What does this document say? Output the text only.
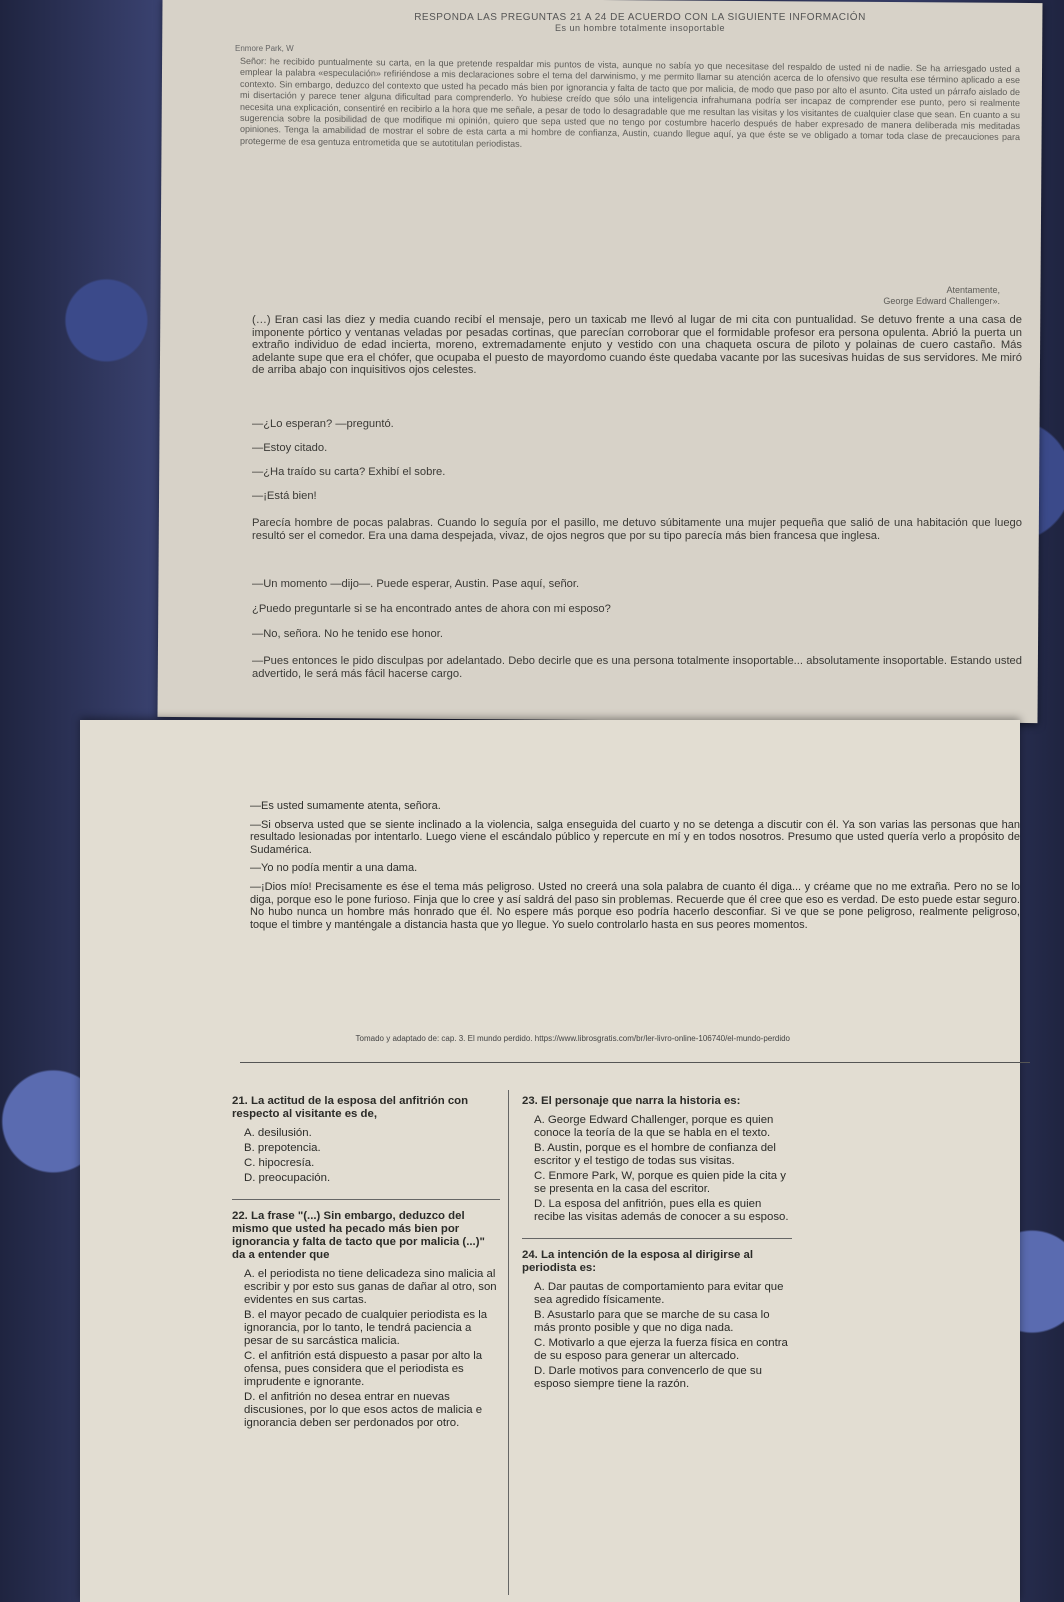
RESPONDA LAS PREGUNTAS 21 A 24 DE ACUERDO CON LA SIGUIENTE INFORMACIÓN
Es un hombre totalmente insoportable
Enmore Park, W
Señor: he recibido puntualmente su carta, en la que pretende respaldar mis puntos de vista, aunque no sabía yo que necesitase del respaldo de usted ni de nadie. Se ha arriesgado usted a emplear la palabra «especulación» refiriéndose a mis declaraciones sobre el tema del darwinismo, y me permito llamar su atención acerca de lo ofensivo que resulta ese término aplicado a ese contexto. Sin embargo, deduzco del contexto que usted ha pecado más bien por ignorancia y falta de tacto que por malicia, de modo que paso por alto el asunto. Cita usted un párrafo aislado de mi disertación y parece tener alguna dificultad para comprenderlo. Yo hubiese creído que sólo una inteligencia infrahumana podría ser incapaz de comprender ese punto, pero si realmente necesita una explicación, consentiré en recibirlo a la hora que me señale, a pesar de todo lo desagradable que me resultan las visitas y los visitantes de cualquier clase que sean. En cuanto a su sugerencia sobre la posibilidad de que modifique mi opinión, quiero que sepa usted que no tengo por costumbre hacerlo después de haber expresado de manera deliberada mis meditadas opiniones. Tenga la amabilidad de mostrar el sobre de esta carta a mi hombre de confianza, Austin, cuando llegue aquí, ya que éste se ve obligado a tomar toda clase de precauciones para protegerme de esa gentuza entrometida que se autotitulan periodistas.
Atentamente,
George Edward Challenger».
(…) Eran casi las diez y media cuando recibí el mensaje, pero un taxicab me llevó al lugar de mi cita con puntualidad. Se detuvo frente a una casa de imponente pórtico y ventanas veladas por pesadas cortinas, que parecían corroborar que el formidable profesor era persona opulenta. Abrió la puerta un extraño individuo de edad incierta, moreno, extremadamente enjuto y vestido con una chaqueta oscura de piloto y polainas de cuero castaño. Más adelante supe que era el chófer, que ocupaba el puesto de mayordomo cuando éste quedaba vacante por las sucesivas huidas de sus servidores. Me miró de arriba abajo con inquisitivos ojos celestes.
—¿Lo esperan? —preguntó.
—Estoy citado.
—¿Ha traído su carta? Exhibí el sobre.
—¡Está bien!
Parecía hombre de pocas palabras. Cuando lo seguía por el pasillo, me detuvo súbitamente una mujer pequeña que salió de una habitación que luego resultó ser el comedor. Era una dama despejada, vivaz, de ojos negros que por su tipo parecía más bien francesa que inglesa.
—Un momento —dijo—. Puede esperar, Austin. Pase aquí, señor.
¿Puedo preguntarle si se ha encontrado antes de ahora con mi esposo?
—No, señora. No he tenido ese honor.
—Pues entonces le pido disculpas por adelantado. Debo decirle que es una persona totalmente insoportable... absolutamente insoportable. Estando usted advertido, le será más fácil hacerse cargo.

—Es usted sumamente atenta, señora.

—Si observa usted que se siente inclinado a la violencia, salga enseguida del cuarto y no se detenga a discutir con él. Ya son varias las personas que han resultado lesionadas por intentarlo. Luego viene el escándalo público y repercute en mí y en todos nosotros. Presumo que usted quería verlo a propósito de Sudamérica.

—Yo no podía mentir a una dama.

—¡Dios mío! Precisamente es ése el tema más peligroso. Usted no creerá una sola palabra de cuanto él diga... y créame que no me extraña. Pero no se lo diga, porque eso le pone furioso. Finja que lo cree y así saldrá del paso sin problemas. Recuerde que él cree que eso es verdad. De esto puede estar seguro. No hubo nunca un hombre más honrado que él. No espere más porque eso podría hacerlo desconfiar. Si ve que se pone peligroso, realmente peligroso, toque el timbre y manténgale a distancia hasta que yo llegue. Yo suelo controlarlo hasta en sus peores momentos.

Tomado y adaptado de: cap. 3. El mundo perdido. https://www.librosgratis.com/br/ler-livro-online-106740/el-mundo-perdido
21. La actitud de la esposa del anfitrión con respecto al visitante es de,
A. desilusión.
B. prepotencia.
C. hipocresía.
D. preocupación.
22. La frase "(...) Sin embargo, deduzco del mismo que usted ha pecado más bien por ignorancia y falta de tacto que por malicia (...)" da a entender que
A. el periodista no tiene delicadeza sino malicia al escribir y por esto sus ganas de dañar al otro, son evidentes en sus cartas.
B. el mayor pecado de cualquier periodista es la ignorancia, por lo tanto, le tendrá paciencia a pesar de su sarcástica malicia.
C. el anfitrión está dispuesto a pasar por alto la ofensa, pues considera que el periodista es imprudente e ignorante.
D. el anfitrión no desea entrar en nuevas discusiones, por lo que esos actos de malicia e ignorancia deben ser perdonados por otro.
23. El personaje que narra la historia es:
A. George Edward Challenger, porque es quien conoce la teoría de la que se habla en el texto.
B. Austin, porque es el hombre de confianza del escritor y el testigo de todas sus visitas.
C. Enmore Park, W, porque es quien pide la cita y se presenta en la casa del escritor.
D. La esposa del anfitrión, pues ella es quien recibe las visitas además de conocer a su esposo.
24. La intención de la esposa al dirigirse al periodista es:
A. Dar pautas de comportamiento para evitar que sea agredido físicamente.
B. Asustarlo para que se marche de su casa lo más pronto posible y que no diga nada.
C. Motivarlo a que ejerza la fuerza física en contra de su esposo para generar un altercado.
D. Darle motivos para convencerlo de que su esposo siempre tiene la razón.
